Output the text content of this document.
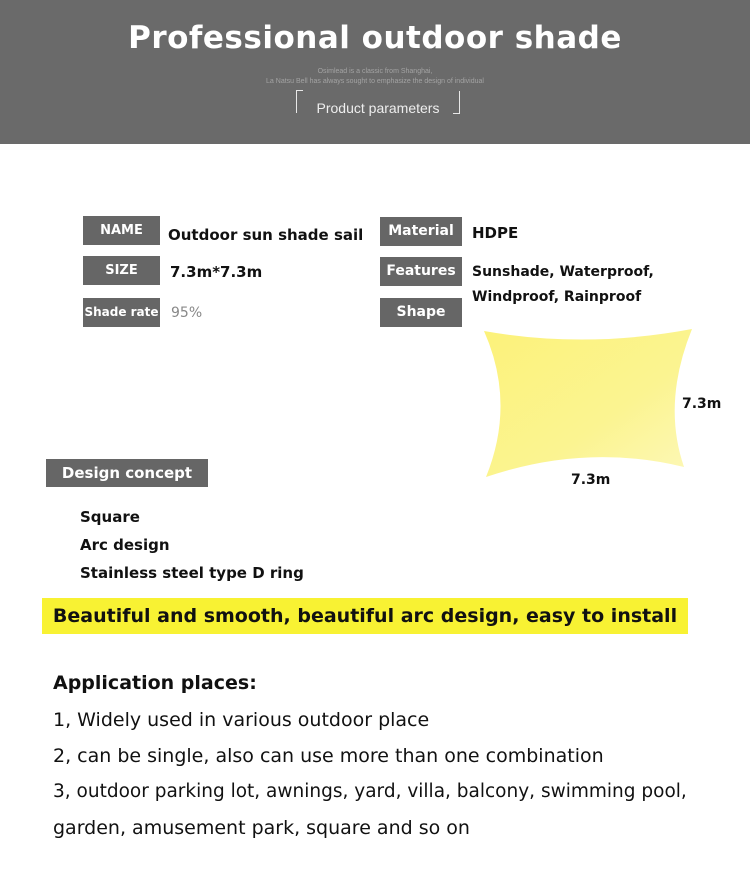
Professional outdoor shade
Osimlead is a classic from Shanghai,
La Natsu Bell has always sought to emphasize the design of individual
Product parameters
NAME	Outdoor sun shade sail
SIZE	7.3m*7.3m
Shade rate 95%
Material	HDPE
Features	Sunshade, Waterproof,
Windproof, Rainproof
Shape
7.3m
7.3m
Design concept
Square
Arc design
Stainless steel type D ring
Beautiful and smooth, beautiful arc design, easy to install
Application places:
1, Widely used in various outdoor place
2, can be single, also can use more than one combination
3, outdoor parking lot, awnings, yard, villa, balcony, swimming pool,
garden, amusement park, square and so on
